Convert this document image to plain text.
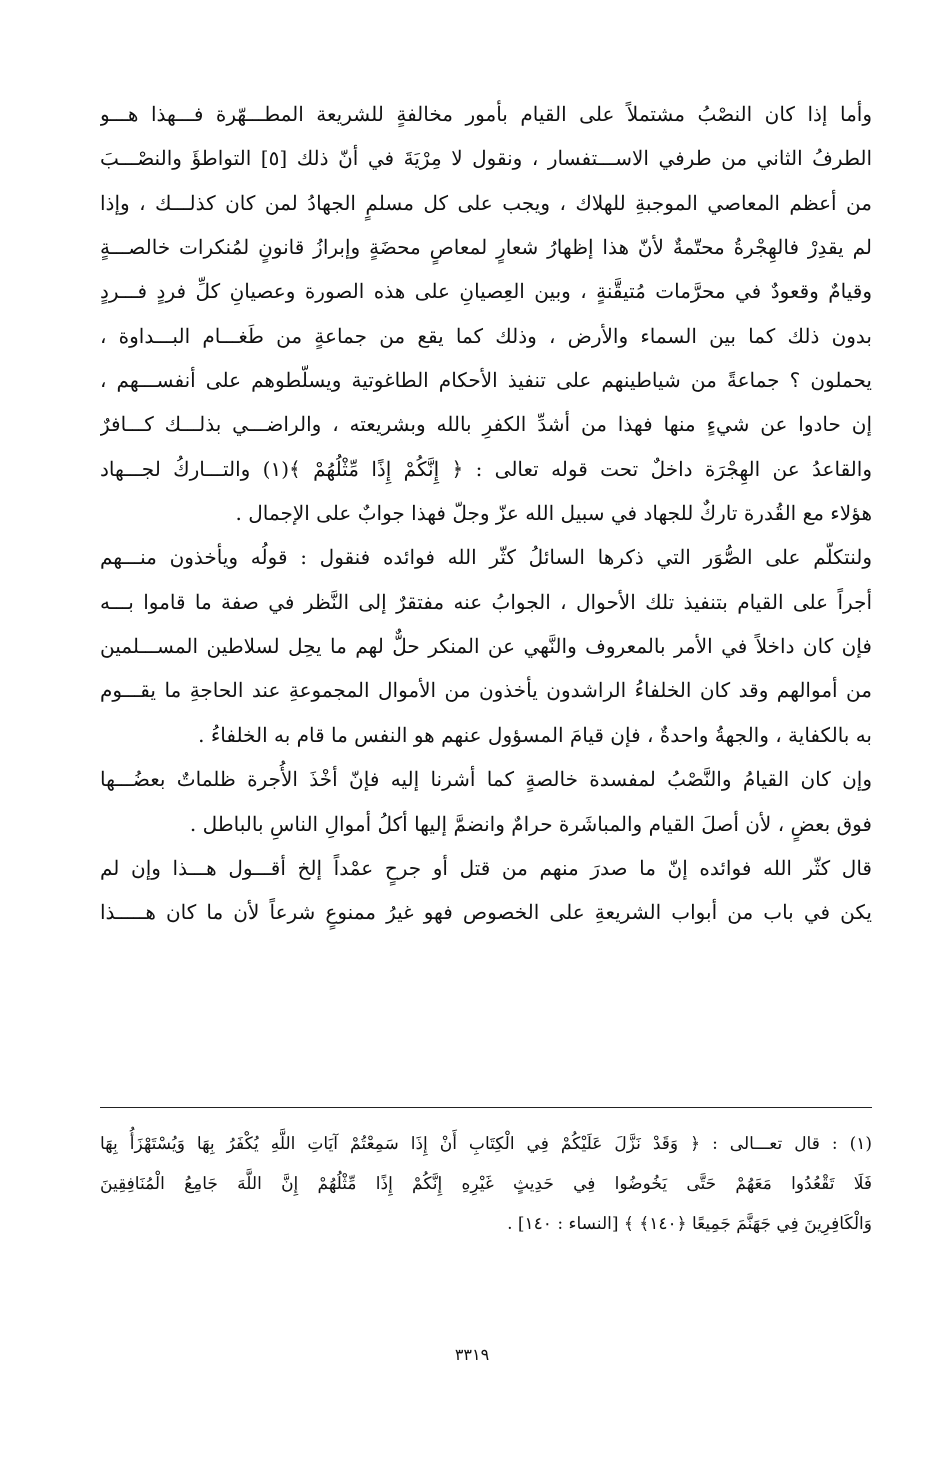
وأما إذا كان النصْبُ مشتملاً على القيام بأمور مخالفةٍ للشريعة المطـــهّرة فـــهذا هـــو
الطرفُ الثاني من طرفي الاســـتفسار ، ونقول لا مِرْيَةَ في أنّ ذلك [٥] التواطؤَ والنصْـــبَ
من أعظم المعاصي الموجبةِ للهلاك ، ويجب على كل مسلمٍ الجهادُ لمن كان كذلـــك ، وإذا
لم يقدِرْ فالهِجْرةُ محتّمةٌ لأنّ هذا إظهارُ شعارٍ لمعاصٍ محضَةٍ وإبرازُ قانونٍ لمُنكرات خالصـــةٍ
وقيامٌ وقعودٌ في محرَّمات مُتيقَّنةٍ ، وبين العِصيانِ على هذه الصورة وعصيانِ كلِّ فردٍ فـــردٍ
بدون ذلك كما بين السماء والأرض ، وذلك كما يقع من جماعةٍ من طَغـــام البـــداوة ،
يحملون ؟ جماعةً من شياطينهم على تنفيذ الأحكام الطاغوتية ويسلّطوهم على أنفســـهم ،
إن حادوا عن شيءٍ منها فهذا من أشدِّ الكفرِ بالله وبشريعته ، والراضـــي بذلـــك كـــافرٌ
والقاعدُ عن الهِجْرَة داخلٌ تحت قوله تعالى : ﴿ إِنَّكُمْ إِذًا مِّثْلُهُمْ ﴾(١) والتـــاركُ لجـــهاد
هؤلاء مع القُدرة تاركٌ للجهاد في سبيل الله عزّ وجلّ فهذا جوابٌ على الإجمال .
ولنتكلّم على الصُّوَر التي ذكرها السائلُ كثّر الله فوائده فنقول : قولُه ويأخذون منـــهم
أجراً على القيام بتنفيذ تلك الأحوال ، الجوابُ عنه مفتقرٌ إلى النَّظر في صفة ما قاموا بـــه
فإن كان داخلاً في الأمر بالمعروف والنَّهي عن المنكر حلٌّ لهم ما يحِل لسلاطين المســـلمين
من أموالهم وقد كان الخلفاءُ الراشدون يأخذون من الأموال المجموعةِ عند الحاجةِ ما يقـــوم
به بالكفاية ، والجهةُ واحدةٌ ، فإن قيامَ المسؤول عنهم هو النفس ما قام به الخلفاءُ .
وإن كان القيامُ والنَّصْبُ لمفسدة خالصةٍ كما أشرنا إليه فإنّ أخْذَ الأُجرة ظلماتٌ بعضُـــها
فوق بعضٍ ، لأن أصلَ القيام والمباشَرة حرامٌ وانضمَّ إليها أكلُ أموالِ الناسِ بالباطل .
قال كثّر الله فوائده إنّ ما صدرَ منهم من قتل أو جرحٍ عمْداً إلخ أقـــول هـــذا وإن لم
يكن في باب من أبواب الشريعةِ على الخصوص فهو غيرُ ممنوعٍ شرعاً لأن ما كان هـــــذا
(١) : قال تعـــالى : ﴿ وَقَدْ نَزَّلَ عَلَيْكُمْ فِي الْكِتَابِ أَنْ إِذَا سَمِعْتُمْ آيَاتِ اللَّهِ يُكْفَرُ بِهَا وَيُسْتَهْزَأُ بِهَا
فَلَا تَقْعُدُوا مَعَهُمْ حَتَّى يَخُوضُوا فِي حَدِيثٍ غَيْرِهِ إِنَّكُمْ إِذًا مِّثْلُهُمْ إِنَّ اللَّهَ جَامِعُ الْمُنَافِقِينَ
وَالْكَافِرِينَ فِي جَهَنَّمَ جَمِيعًا ﴿١٤٠﴾ ﴾ [النساء : ١٤٠] .
٣٣١٩
